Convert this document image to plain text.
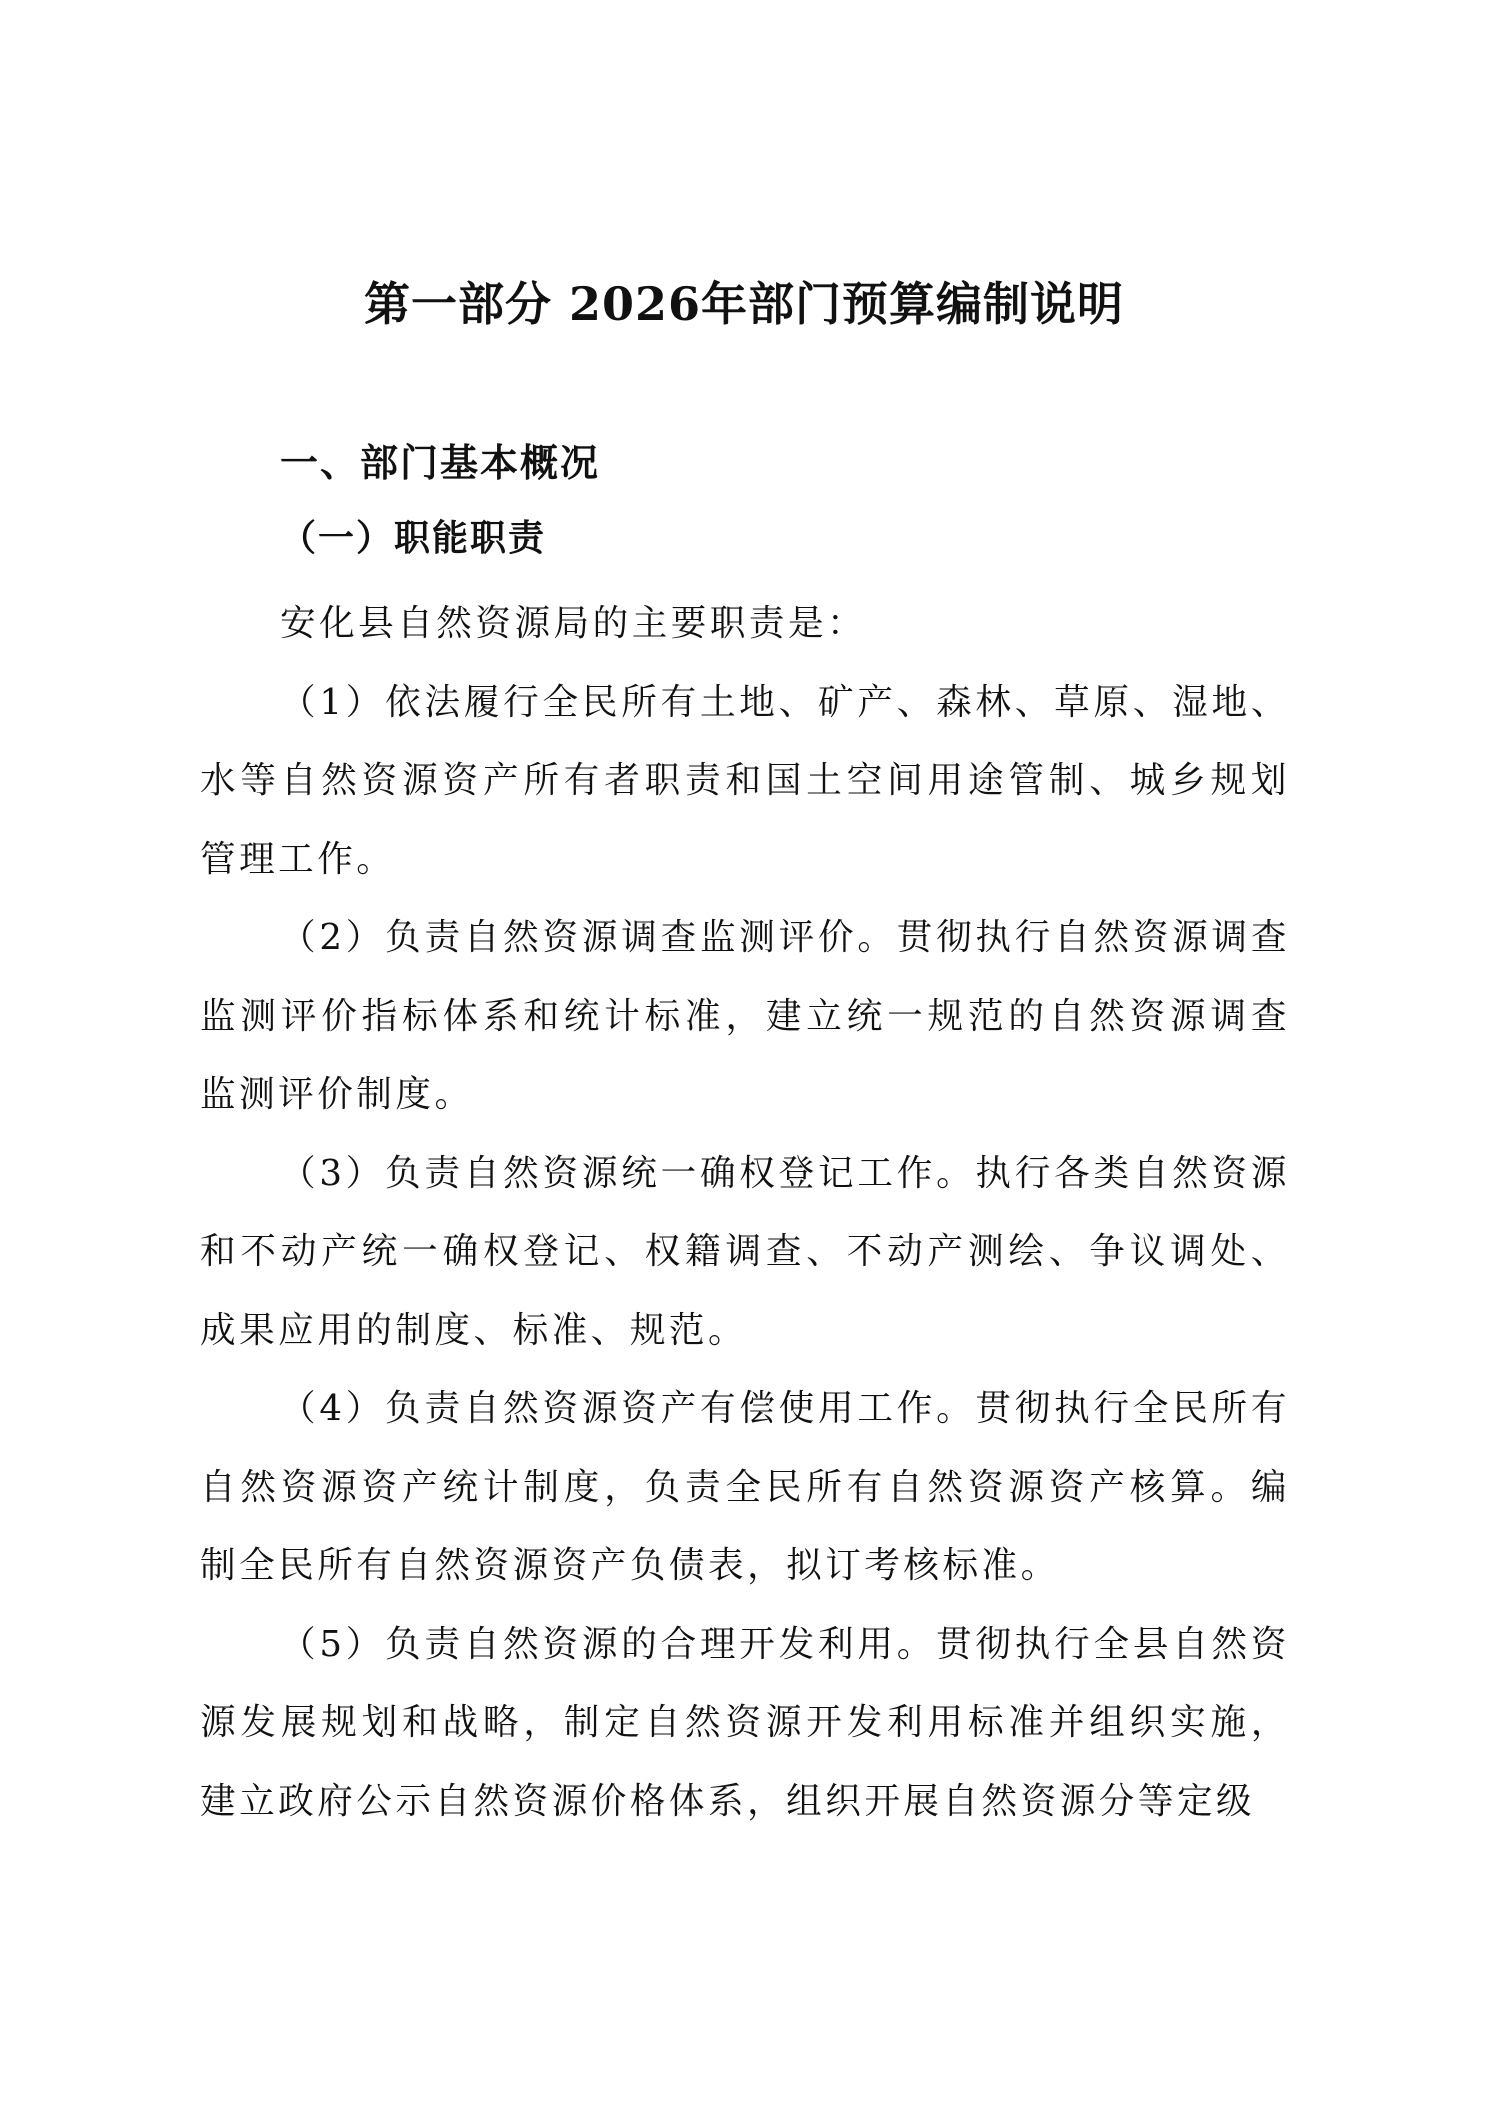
第一部分 2026年部门预算编制说明
一、部门基本概况
（一）职能职责

安化县自然资源局的主要职责是：

（1）依法履行全民所有土地、矿产、森林、草原、湿地、水等自然资源资产所有者职责和国土空间用途管制、城乡规划管理工作。

（2）负责自然资源调查监测评价。贯彻执行自然资源调查监测评价指标体系和统计标准，建立统一规范的自然资源调查监测评价制度。

（3）负责自然资源统一确权登记工作。执行各类自然资源和不动产统一确权登记、权籍调查、不动产测绘、争议调处、成果应用的制度、标准、规范。

（4）负责自然资源资产有偿使用工作。贯彻执行全民所有自然资源资产统计制度，负责全民所有自然资源资产核算。编制全民所有自然资源资产负债表，拟订考核标准。

（5）负责自然资源的合理开发利用。贯彻执行全县自然资源发展规划和战略，制定自然资源开发利用标准并组织实施，建立政府公示自然资源价格体系，组织开展自然资源分等定级
